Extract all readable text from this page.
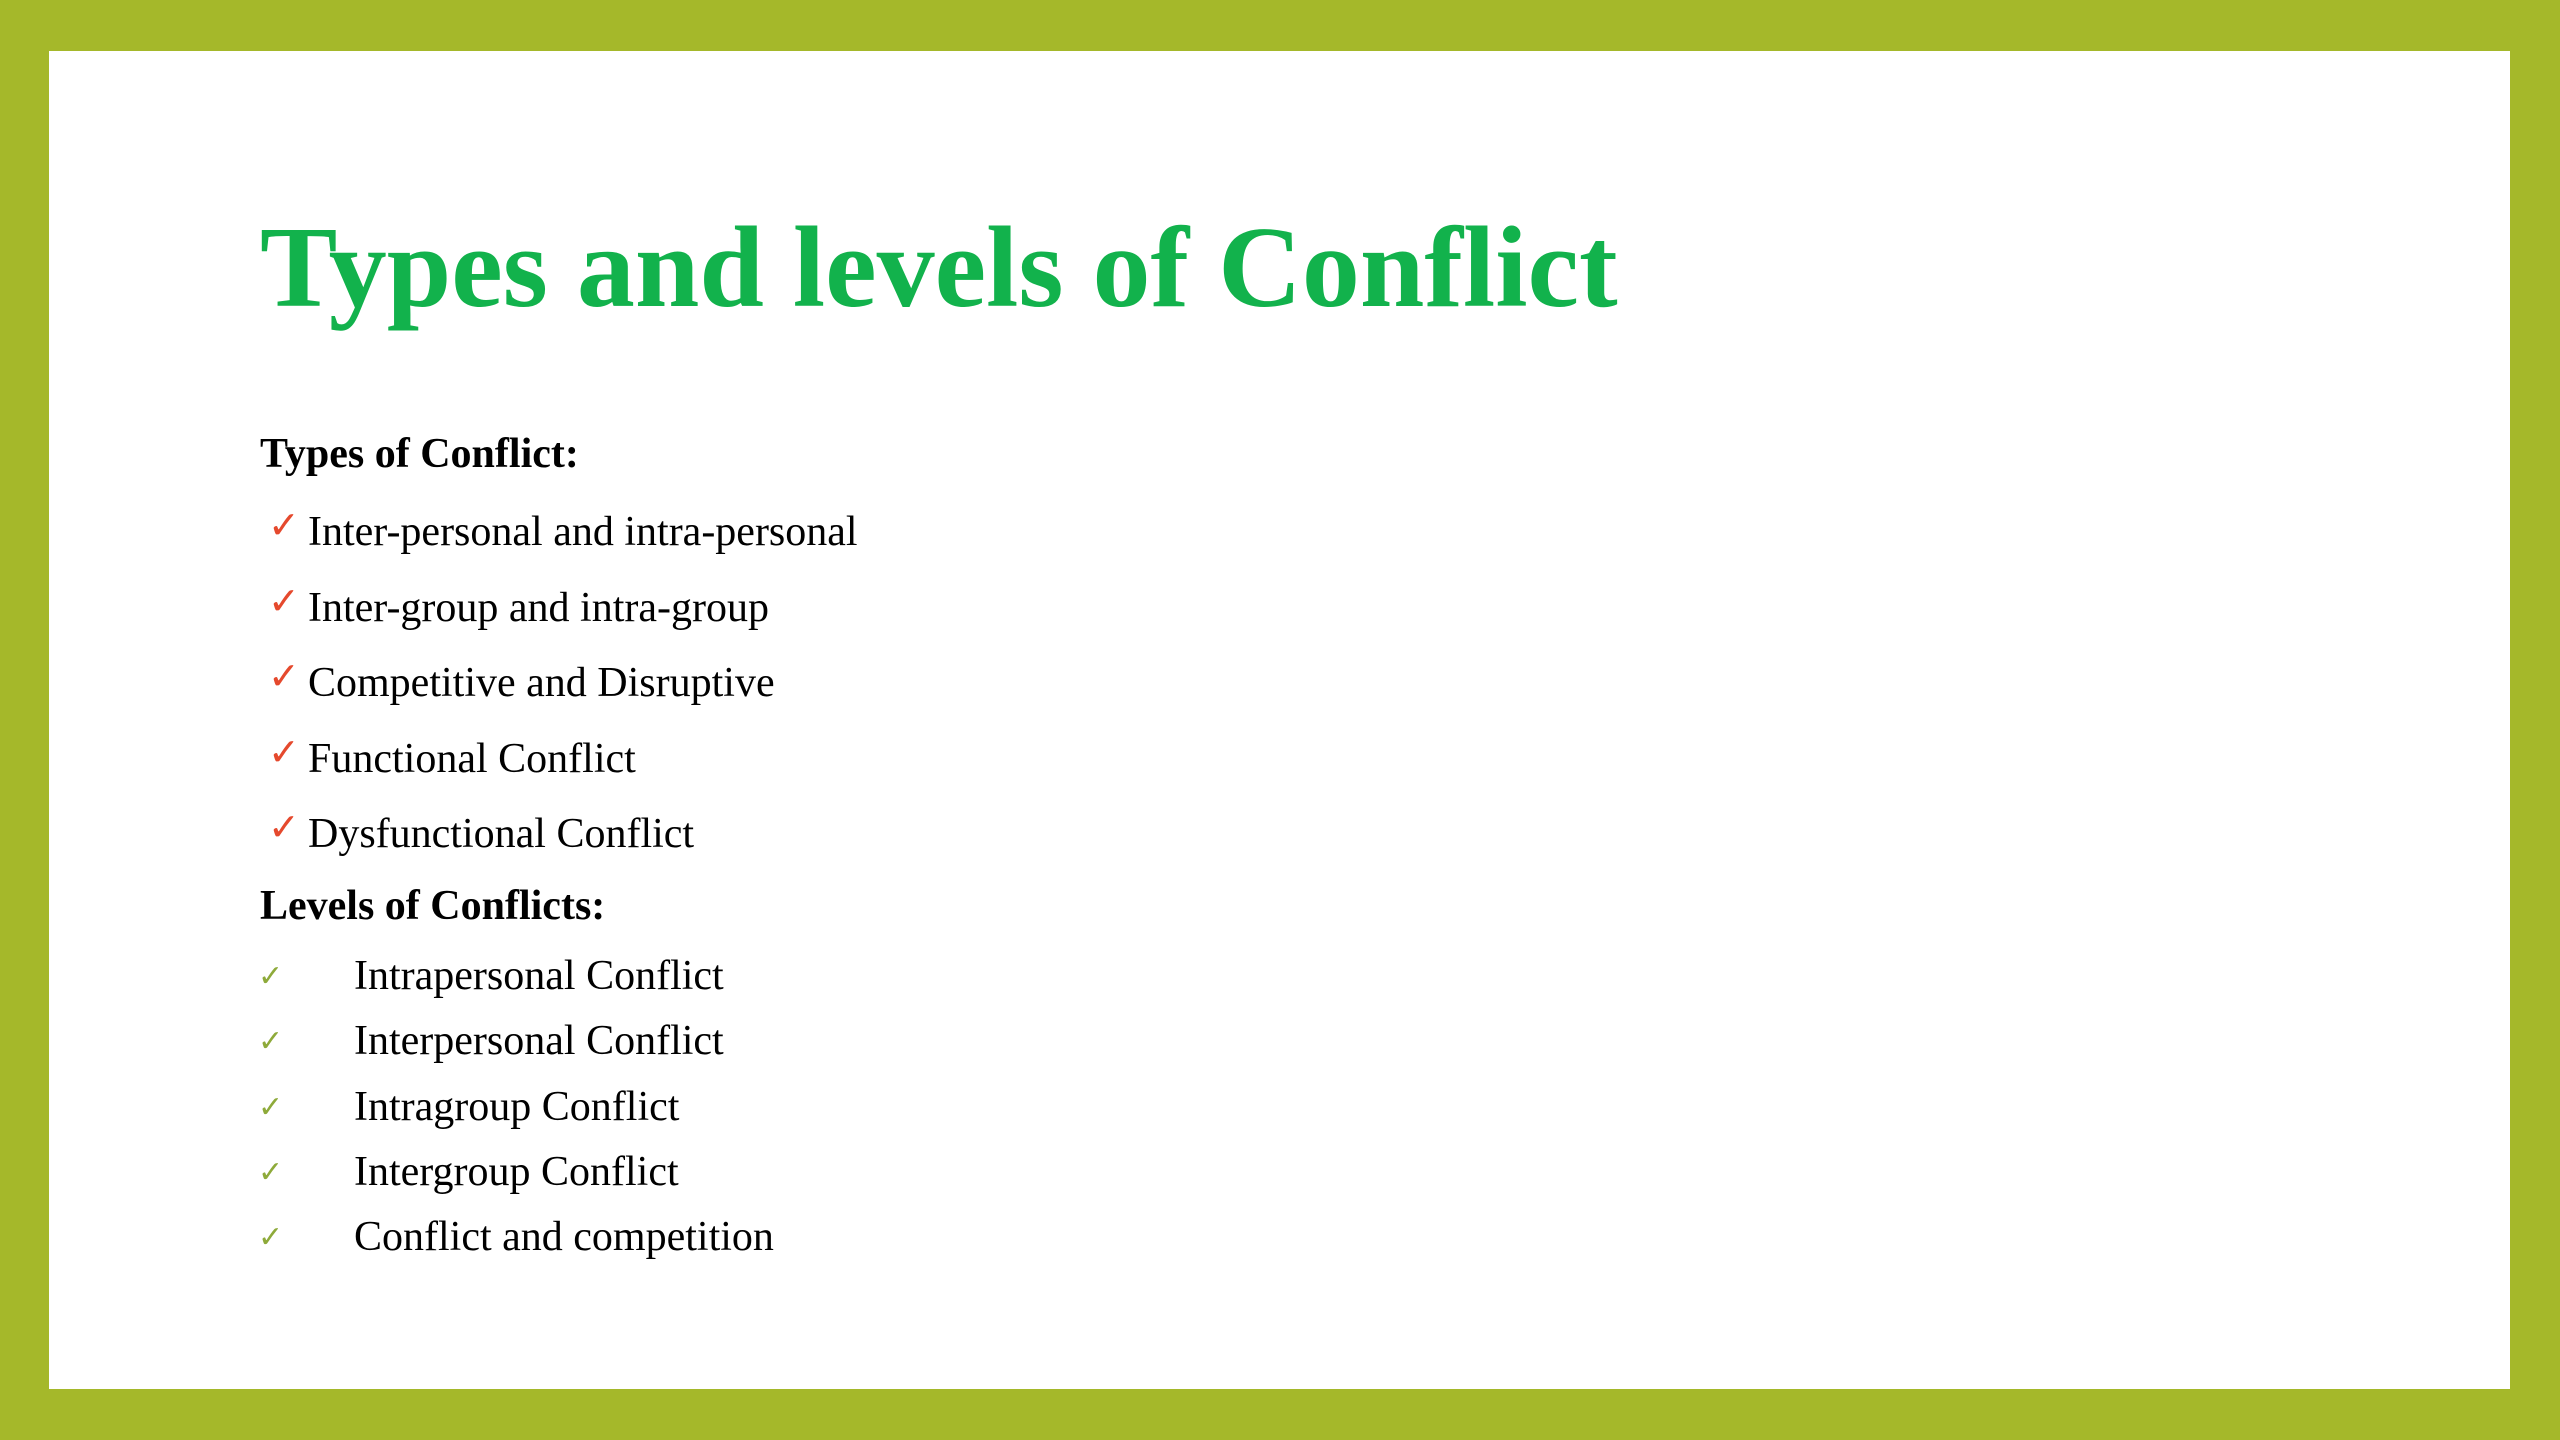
Types and levels of Conflict
Types of Conflict:
✓ Inter-personal and intra-personal
✓ Inter-group and intra-group
✓ Competitive and Disruptive
✓ Functional Conflict
✓ Dysfunctional Conflict
Levels of Conflicts:
✓	Intrapersonal Conflict
✓	Interpersonal Conflict
✓	Intragroup Conflict
✓	Intergroup Conflict
✓	Conflict and competition
